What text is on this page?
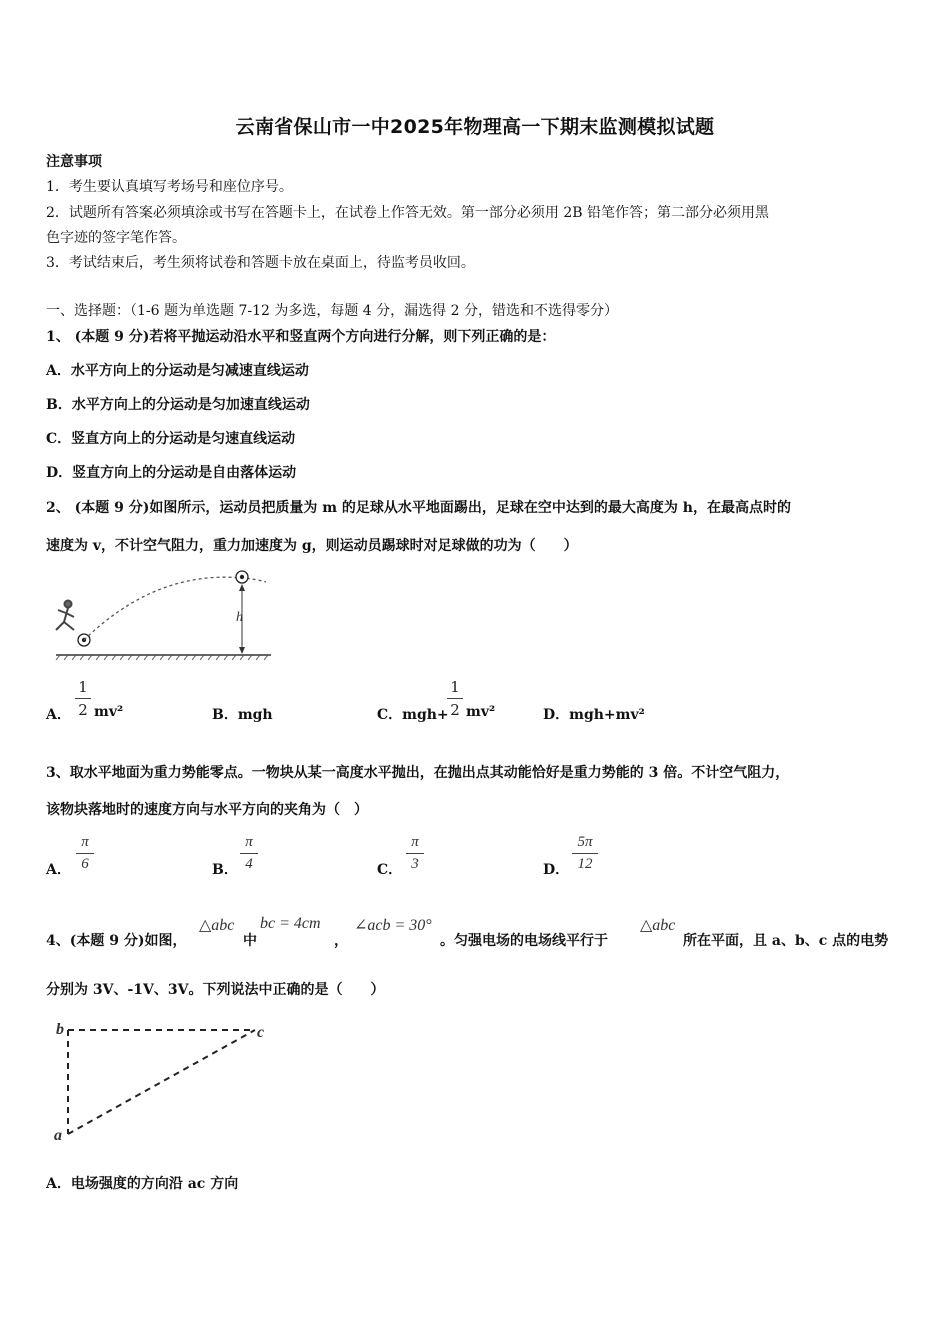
云南省保山市一中2025年物理高一下期末监测模拟试题
注意事项
1．考生要认真填写考场号和座位序号。
2．试题所有答案必须填涂或书写在答题卡上，在试卷上作答无效。第一部分必须用 2B 铅笔作答；第二部分必须用黑
色字迹的签字笔作答。
3．考试结束后，考生须将试卷和答题卡放在桌面上，待监考员收回。
一、选择题：（1-6 题为单选题 7-12 为多选，每题 4 分，漏选得 2 分，错选和不选得零分）
1、 (本题 9 分)若将平抛运动沿水平和竖直两个方向进行分解，则下列正确的是：
A．水平方向上的分运动是匀减速直线运动
B．水平方向上的分运动是匀加速直线运动
C．竖直方向上的分运动是匀速直线运动
D．竖直方向上的分运动是自由落体运动
2、 (本题 9 分)如图所示，运动员把质量为 m 的足球从水平地面踢出，足球在空中达到的最大高度为 h，在最高点时的
速度为 v，不计空气阻力，重力加速度为 g，则运动员踢球时对足球做的功为（　　）
h
A．
1
2 mv²	B．mgh	C．mgh+
1
2 mv²	D．mgh+mv²
3、取水平地面为重力势能零点。一物块从某一高度水平抛出，在抛出点其动能恰好是重力势能的 3 倍。不计空气阻力，
该物块落地时的速度方向与水平方向的夹角为（　）
A．
π
6	B．
π
4	C．
π
3	D．
5π
12
4、(本题 9 分)如图，
△abc
中
bc = 4cm
，
∠acb = 30°
。匀强电场的电场线平行于
△abc
所在平面，且 a、b、c 点的电势
分别为 3V、-1V、3V。下列说法中正确的是（　　）
b	c
a
A．电场强度的方向沿 ac 方向
